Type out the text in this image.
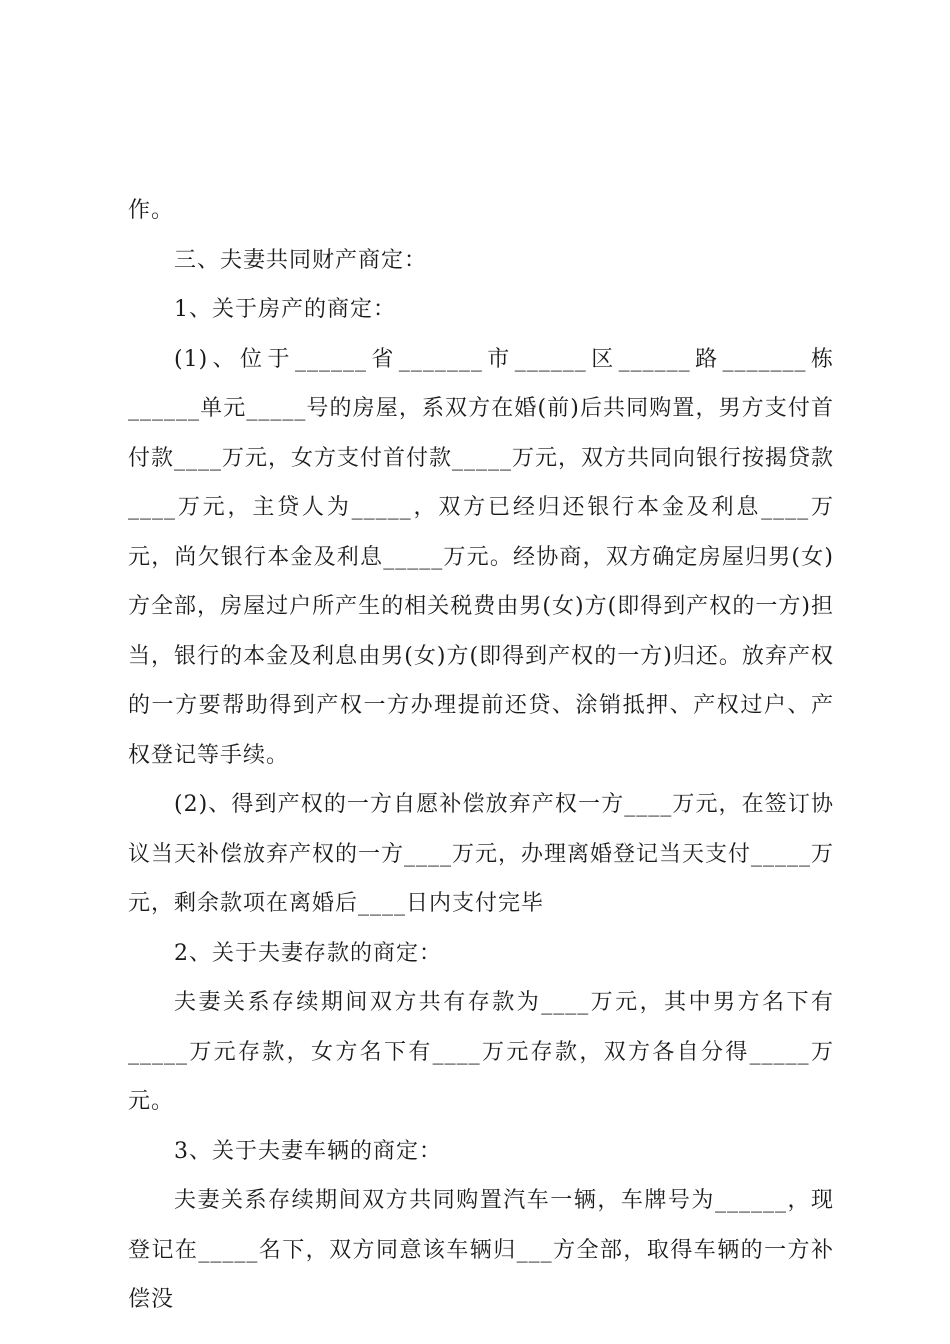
作。

三、夫妻共同财产商定：

1、关于房产的商定：

(1)、位于______省_______市______区______路_______栋______单元_____号的房屋，系双方在婚(前)后共同购置，男方支付首付款____万元，女方支付首付款_____万元，双方共同向银行按揭贷款____万元，主贷人为_____，双方已经归还银行本金及利息____万元，尚欠银行本金及利息_____万元。经协商，双方确定房屋归男(女)方全部，房屋过户所产生的相关税费由男(女)方(即得到产权的一方)担当，银行的本金及利息由男(女)方(即得到产权的一方)归还。放弃产权的一方要帮助得到产权一方办理提前还贷、涂销抵押、产权过户、产权登记等手续。

(2)、得到产权的一方自愿补偿放弃产权一方____万元，在签订协议当天补偿放弃产权的一方____万元，办理离婚登记当天支付_____万元，剩余款项在离婚后____日内支付完毕

2、关于夫妻存款的商定：

夫妻关系存续期间双方共有存款为____万元，其中男方名下有_____万元存款，女方名下有____万元存款，双方各自分得_____万元。

3、关于夫妻车辆的商定：

夫妻关系存续期间双方共同购置汽车一辆，车牌号为______，现登记在_____名下，双方同意该车辆归___方全部，取得车辆的一方补偿没
